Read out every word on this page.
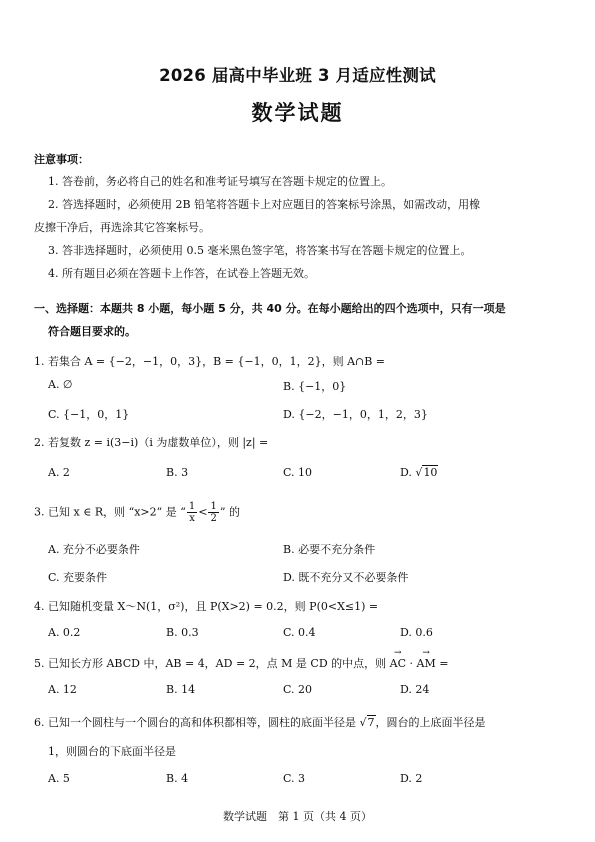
2026 届高中毕业班 3 月适应性测试
数学试题
注意事项：
1. 答卷前，务必将自己的姓名和准考证号填写在答题卡规定的位置上。
2. 答选择题时，必须使用 2B 铅笔将答题卡上对应题目的答案标号涂黑，如需改动，用橡
皮擦干净后，再选涂其它答案标号。
3. 答非选择题时，必须使用 0.5 毫米黑色签字笔，将答案书写在答题卡规定的位置上。
4. 所有题目必须在答题卡上作答，在试卷上答题无效。
一、选择题：本题共 8 小题，每小题 5 分，共 40 分。在每小题给出的四个选项中，只有一项是
符合题目要求的。
1. 若集合 A = {−2，−1，0，3}，B = {−1，0，1，2}，则 A∩B =
A. ∅	B. {−1，0}
C. {−1，0，1}	D. {−2，−1，0，1，2，3}
2. 若复数 z = i(3−i)（i 为虚数单位），则 |z| =
A. 2	B. 3	C. 10	D. √10
3. 已知 x ∈ R，则 “x>2” 是 “ $\frac{1}{x} < \frac{1}{2}$ ” 的
A. 充分不必要条件	B. 必要不充分条件
C. 充要条件	D. 既不充分又不必要条件
4. 已知随机变量 X～N(1，σ²)，且 P(X>2) = 0.2，则 P(0<X≤1) =
A. 0.2	B. 0.3	C. 0.4	D. 0.6
5. 已知长方形 ABCD 中，AB = 4，AD = 2，点 M 是 CD 的中点，则 → AC · → AM =
A. 12	B. 14	C. 20	D. 24
6. 已知一个圆柱与一个圆台的高和体积都相等，圆柱的底面半径是 √7，圆台的上底面半径是
1，则圆台的下底面半径是
A. 5	B. 4	C. 3	D. 2
数学试题　第 1 页（共 4 页）
